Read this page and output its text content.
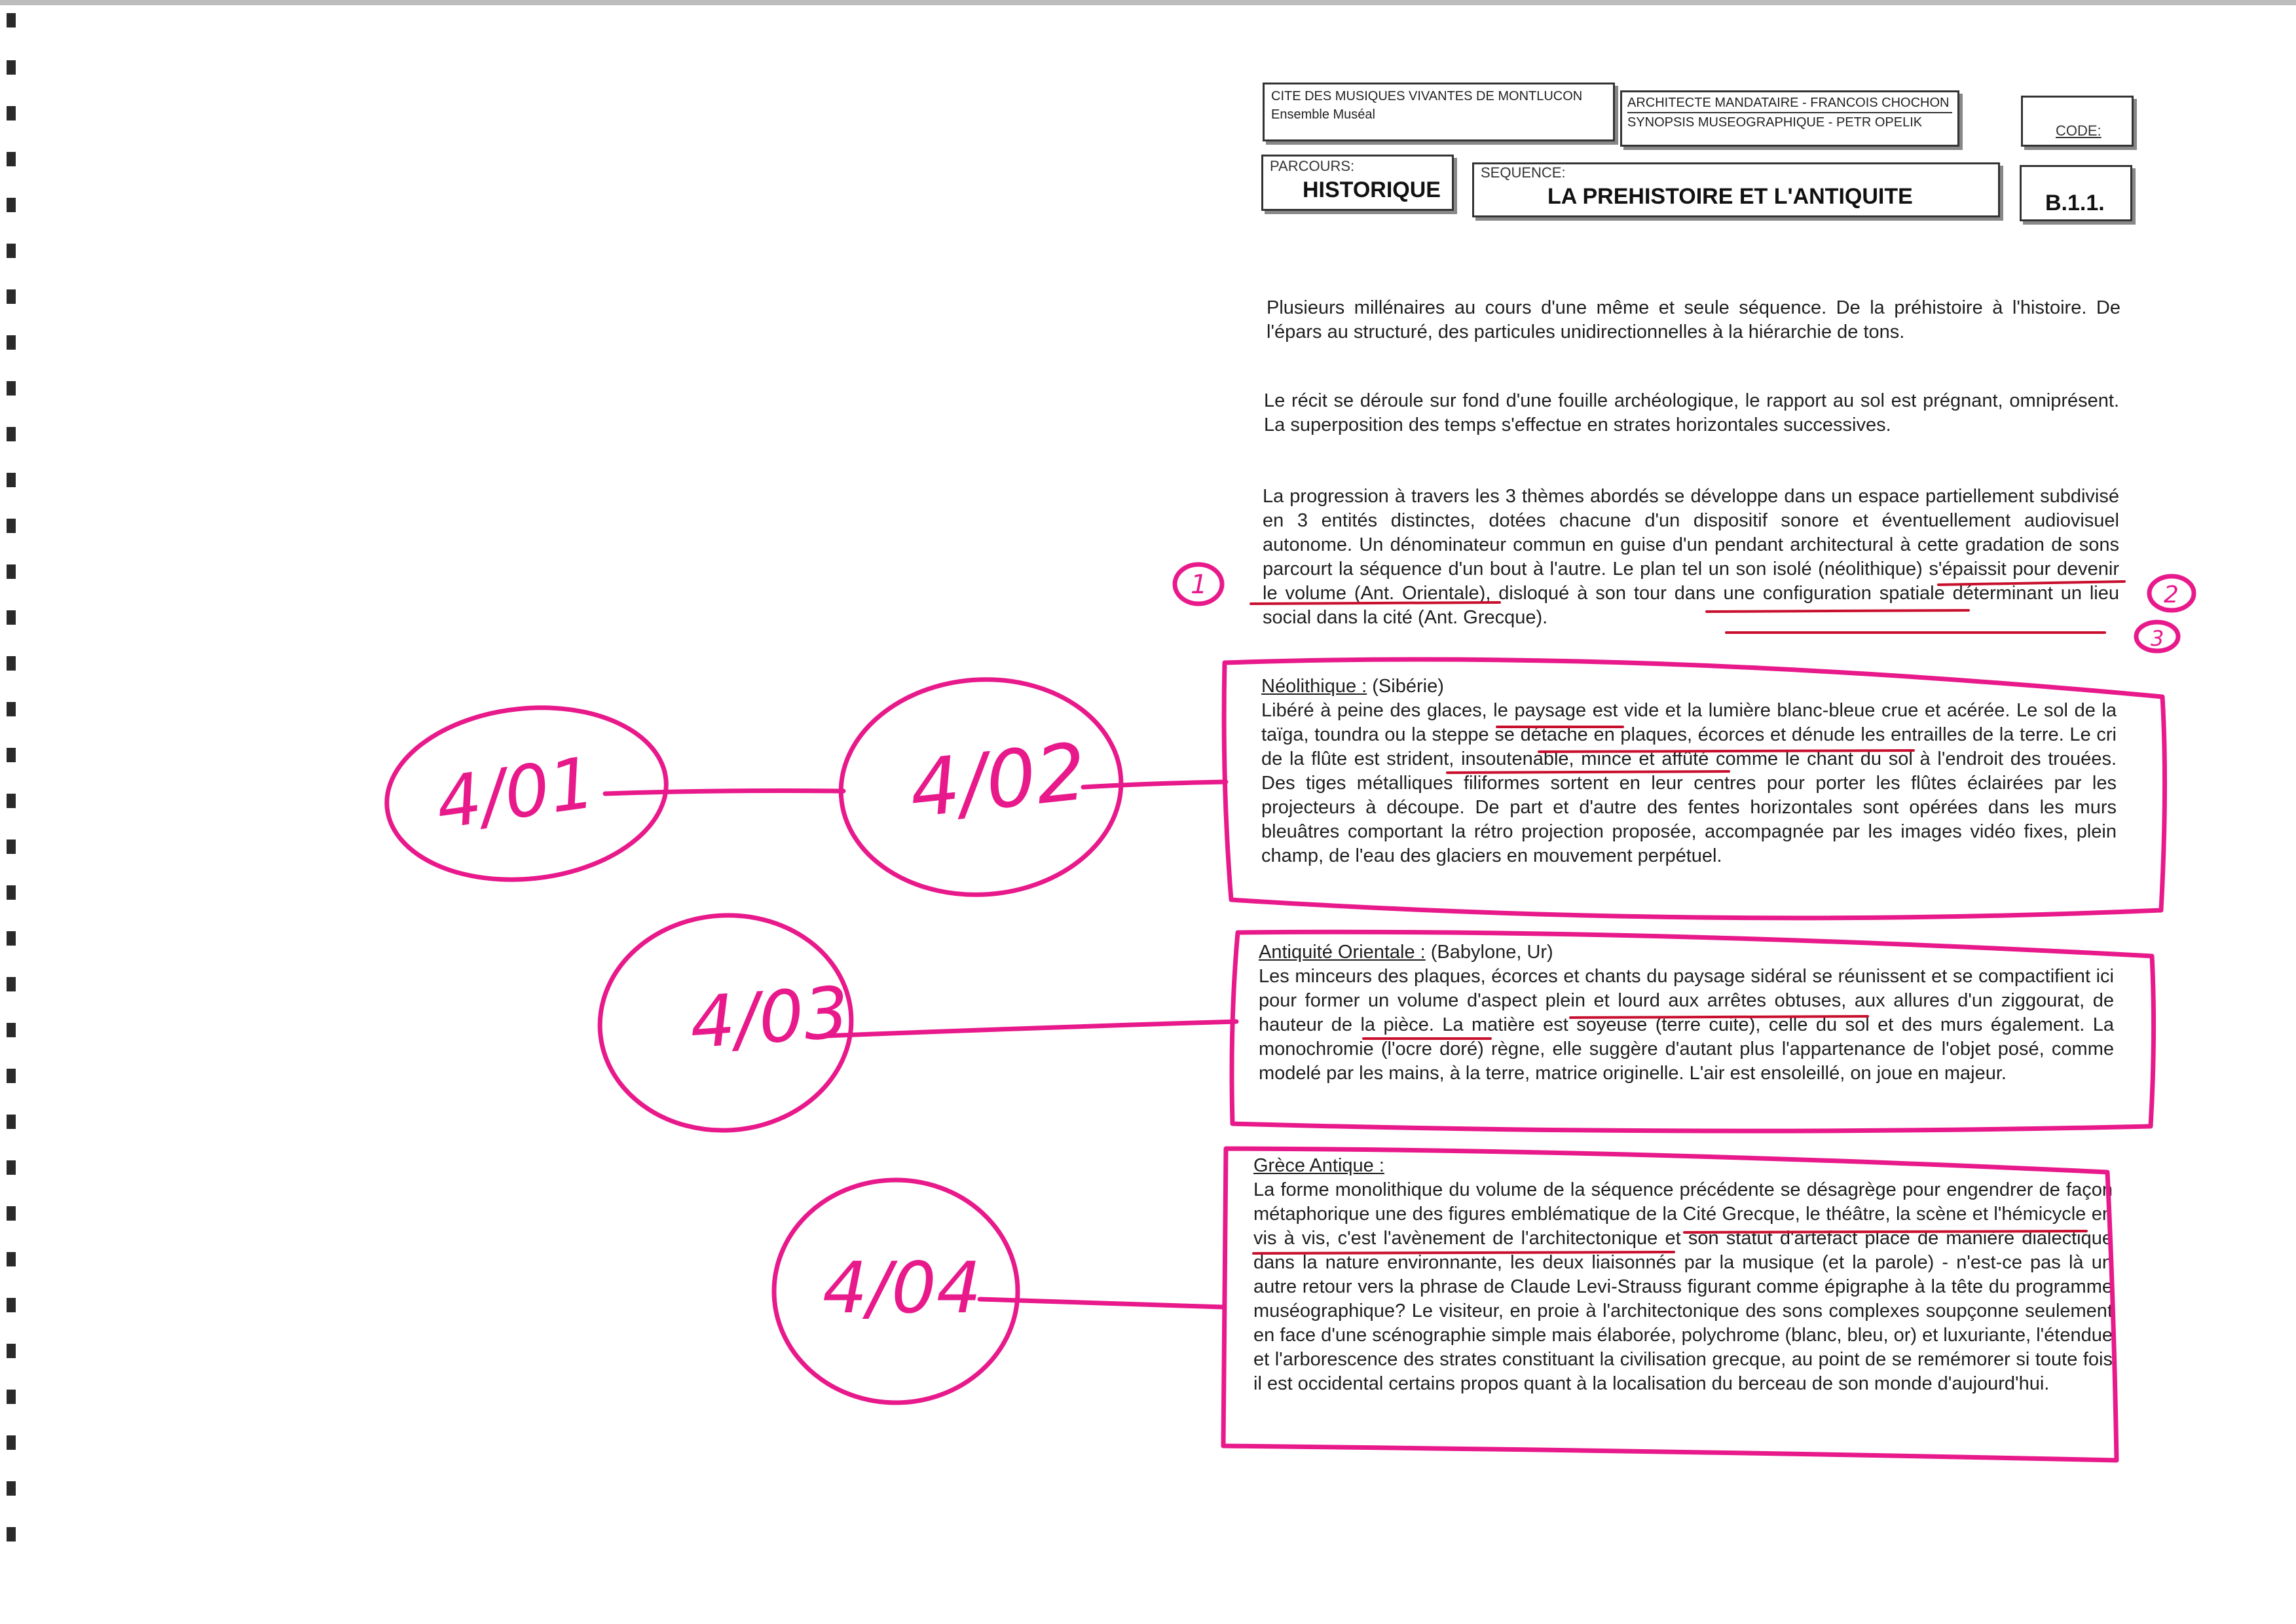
CITE DES MUSIQUES VIVANTES DE MONTLUCON
Ensemble Muséal
ARCHITECTE MANDATAIRE - FRANCOIS CHOCHON
SYNOPSIS MUSEOGRAPHIQUE - PETR OPELIK	CODE:
PARCOURS:
HISTORIQUE
SEQUENCE:
LA PREHISTOIRE ET L'ANTIQUITE	B.1.1.
Plusieurs millénaires au cours d'une même et seule séquence. De la préhistoire à l'histoire. De l'épars au structuré, des particules unidirectionnelles à la hiérarchie de tons.
Le récit se déroule sur fond d'une fouille archéologique, le rapport au sol est prégnant, omniprésent. La superposition des temps s'effectue en strates horizontales successives.
La progression à travers les 3 thèmes abordés se développe dans un espace partiellement subdivisé en 3 entités distinctes, dotées chacune d'un dispositif sonore et éventuellement audiovisuel autonome. Un dénominateur commun en guise d'un pendant architectural à cette gradation de sons parcourt la séquence d'un bout à l'autre. Le plan tel un son isolé (néolithique) s'épaissit pour devenir le volume (Ant. Orientale), disloqué à son tour dans une configuration spatiale déterminant un lieu social dans la cité (Ant. Grecque).
Néolithique : (Sibérie)
Libéré à peine des glaces, le paysage est vide et la lumière blanc-bleue crue et acérée. Le sol de la taïga, toundra ou la steppe se détache en plaques, écorces et dénude les entrailles de la terre. Le cri de la flûte est strident, insoutenable, mince et affûté comme le chant du sol à l'endroit des trouées. Des tiges métalliques filiformes sortent en leur centres pour porter les flûtes éclairées par les projecteurs à découpe. De part et d'autre des fentes horizontales sont opérées dans les murs bleuâtres comportant la rétro projection proposée, accompagnée par les images vidéo fixes, plein champ, de l'eau des glaciers en mouvement perpétuel.
Antiquité Orientale : (Babylone, Ur)
Les minceurs des plaques, écorces et chants du paysage sidéral se réunissent et se compactifient ici pour former un volume d'aspect plein et lourd aux arrêtes obtuses, aux allures d'un ziggourat, de hauteur de la pièce. La matière est soyeuse (terre cuite), celle du sol et des murs également. La monochromie (l'ocre doré) règne, elle suggère d'autant plus l'appartenance de l'objet posé, comme modelé par les mains, à la terre, matrice originelle. L'air est ensoleillé, on joue en majeur.
Grèce Antique :
La forme monolithique du volume de la séquence précédente se désagrège pour engendrer de façon métaphorique une des figures emblématique de la Cité Grecque, le théâtre, la scène et l'hémicycle en vis à vis, c'est l'avènement de l'architectonique et son statut d'artefact placé de manière dialectique dans la nature environnante, les deux liaisonnés par la musique (et la parole) - n'est-ce pas là un autre retour vers la phrase de Claude Levi-Strauss figurant comme épigraphe à la tête du programme muséographique? Le visiteur, en proie à l'architectonique des sons complexes soupçonne seulement en face d'une scénographie simple mais élaborée, polychrome (blanc, bleu, or) et luxuriante, l'étendue et l'arborescence des strates constituant la civilisation grecque, au point de se remémorer si toute fois il est occidental certains propos quant à la localisation du berceau de son monde d'aujourd'hui.
4/01	4/02
4/03
4/04
1	2
3
